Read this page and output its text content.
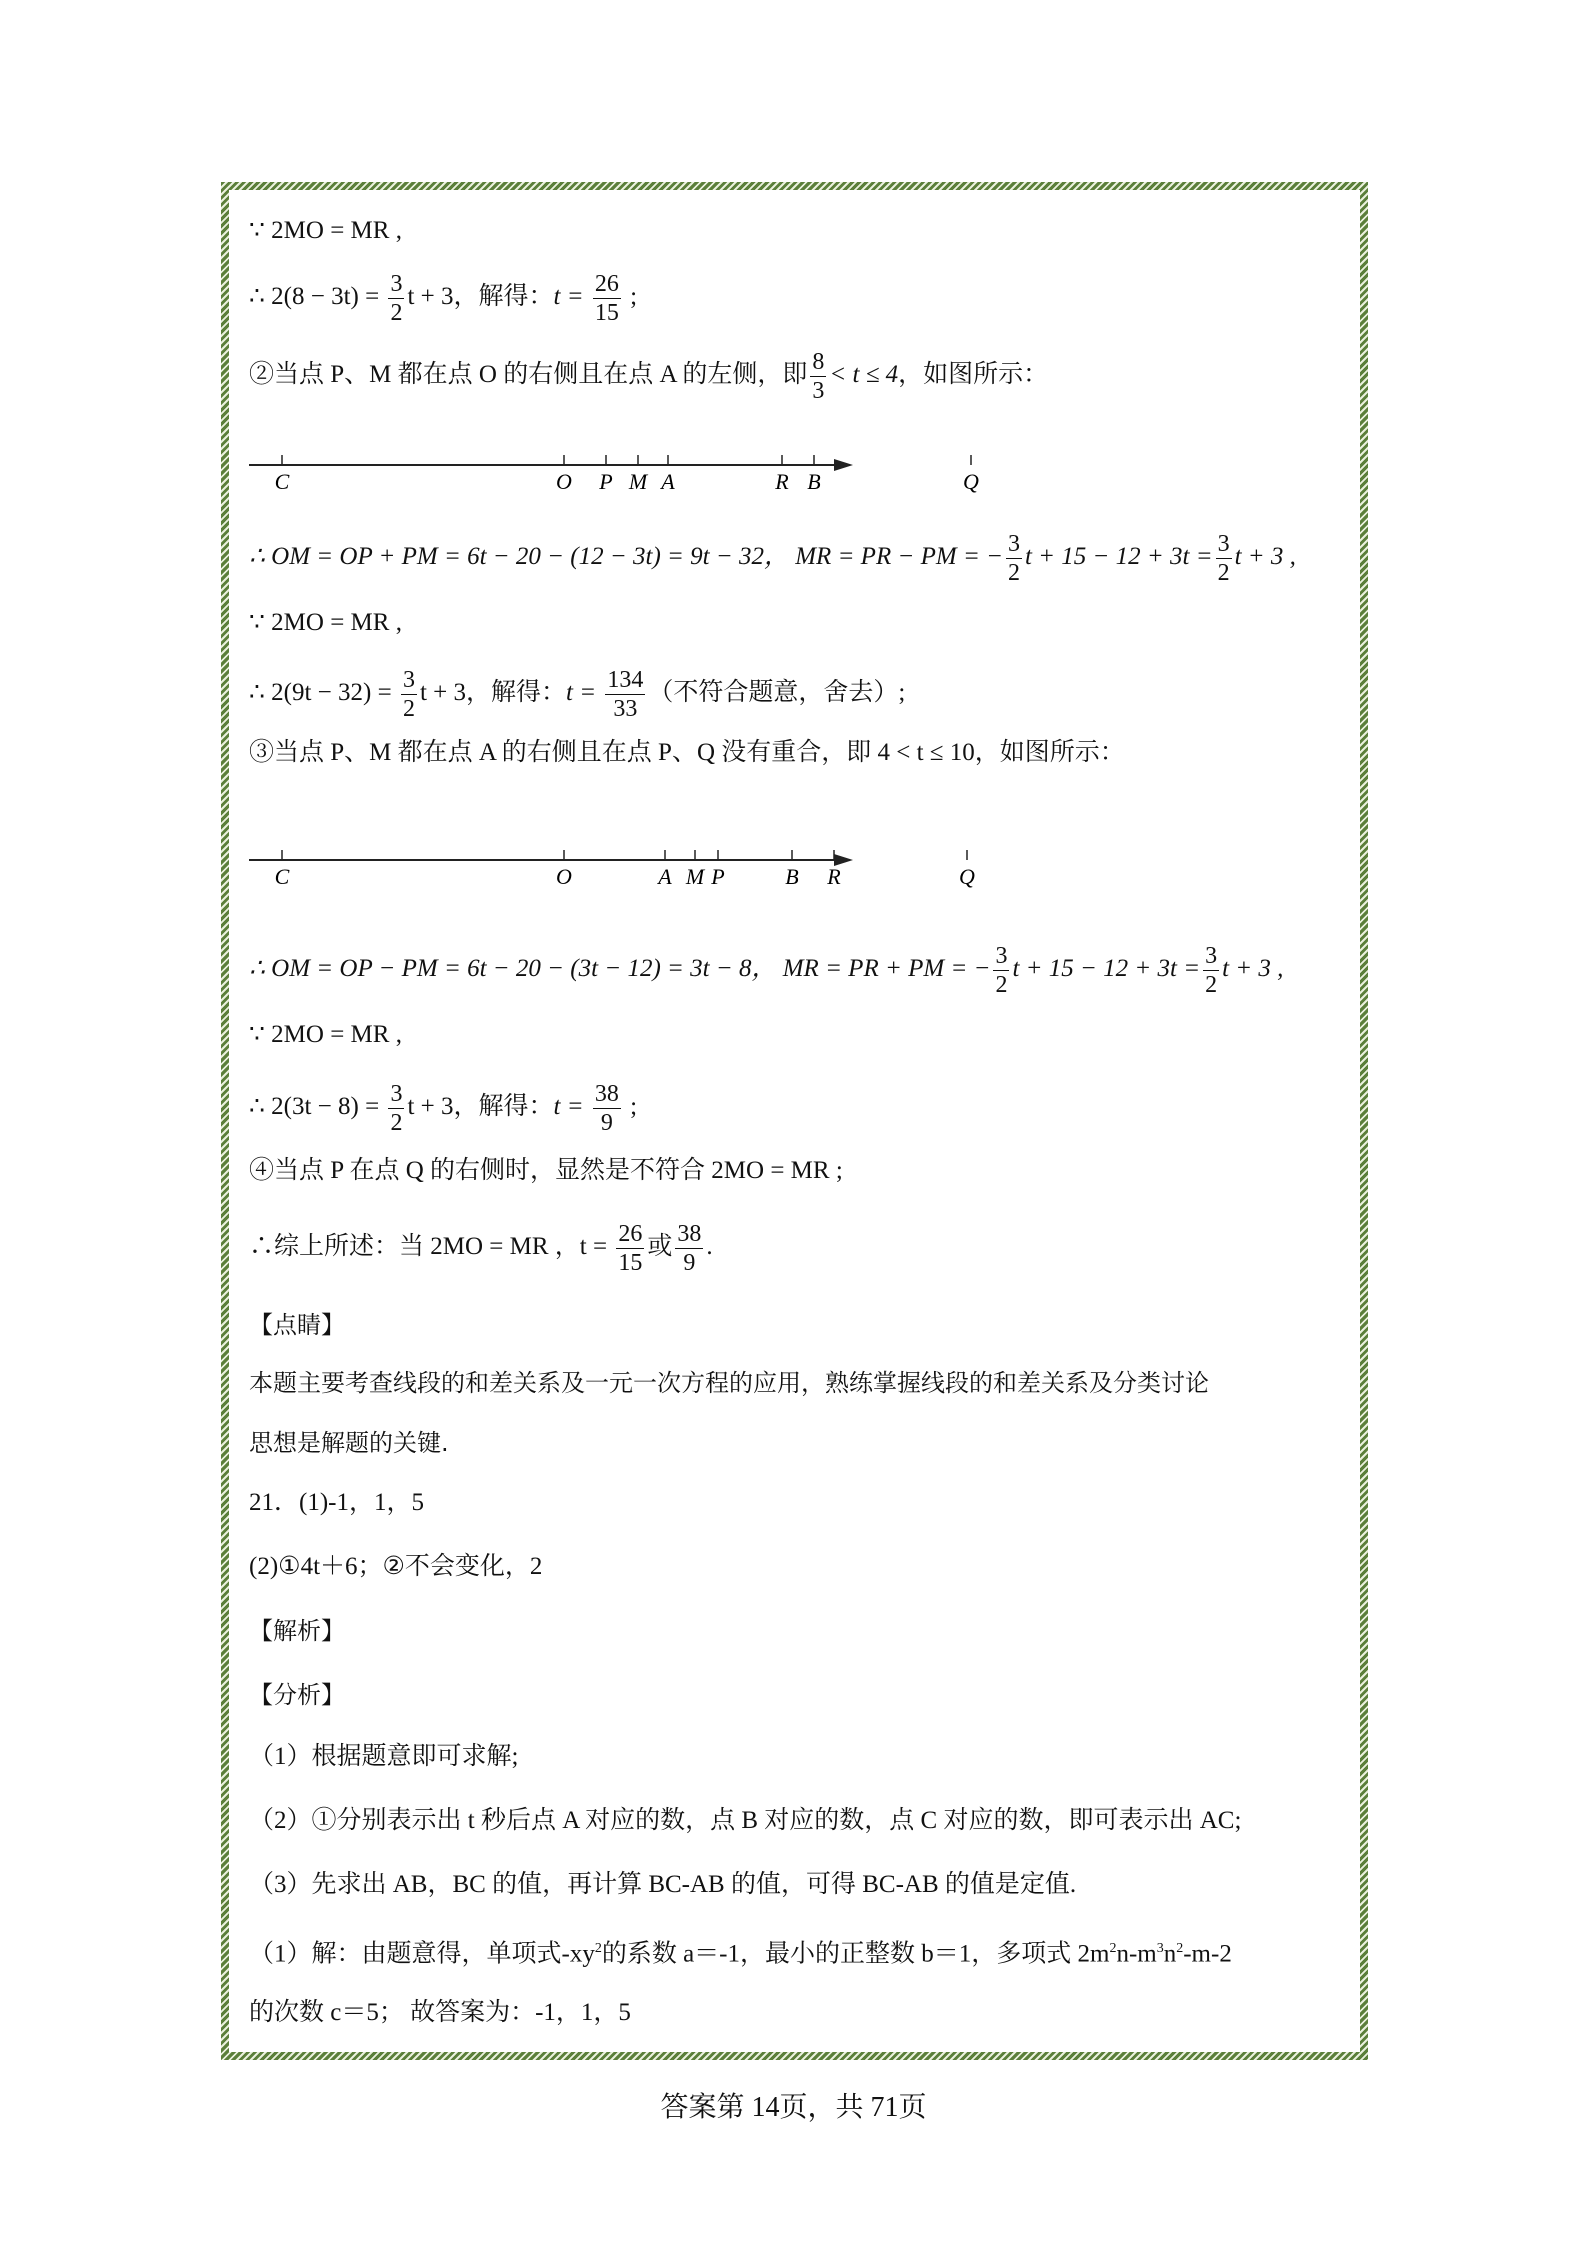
∵ 2MO = MR ,
∴ $2(8 - 3t) = \frac{3}{2}$ t + 3，解得：$t = \frac{26}{15}$ ;
②当点 P、M 都在点 O 的右侧且在点 A 的左侧，即 $\frac{8}{3} < t \le 4$，如图所示：
C	O P M A	R B	Q
∴ OM = OP + PM = 6t − 20 − (12 − 3t) = 9t − 32， MR = PR − PM = − $\frac{3}{2}$ $t + 15 - 12 + 3t = \frac{3}{2}$ t + 3 ,
∵ 2MO = MR ,
∴ $2(9t - 32) = \frac{3}{2}$ t + 3，解得：$t = \frac{134}{33}$ （不符合题意，舍去）;
③当点 P、M 都在点 A 的右侧且在点 P、Q 没有重合，即 4 < t ≤ 10，如图所示：
C	O	A M P	B R	Q
∴ OM = OP − PM = 6t − 20 − (3t − 12) = 3t − 8， MR = PR + PM = − $\frac{3}{2}$ $t + 15 - 12 + 3t = \frac{3}{2}$ t + 3 ,
∵ 2MO = MR ,
∴ $2(3t - 8) = \frac{3}{2}$ t + 3，解得：$t = \frac{38}{9}$ ;
④当点 P 在点 Q 的右侧时，显然是不符合 2MO = MR ;
∴综上所述：当 2MO = MR ，$t = \frac{26}{15}$ 或 $\frac{38}{9}$ .
【点睛】
本题主要考查线段的和差关系及一元一次方程的应用，熟练掌握线段的和差关系及分类讨论
思想是解题的关键.
21．(1)-1，1，5
(2)①4t＋6；②不会变化，2
【解析】
【分析】
（1）根据题意即可求解;
（2）①分别表示出 t 秒后点 A 对应的数，点 B 对应的数，点 C 对应的数，即可表示出 AC;
（3）先求出 AB，BC 的值，再计算 BC-AB 的值，可得 BC-AB 的值是定值.
（1）解：由题意得，单项式$-xy^2$的系数 a＝-1，最小的正整数 b＝1，多项式 $2m^2n-m^3n^2-m-2$
的次数 c＝5； 故答案为：-1，1，5
答案第 14页，共 71页
